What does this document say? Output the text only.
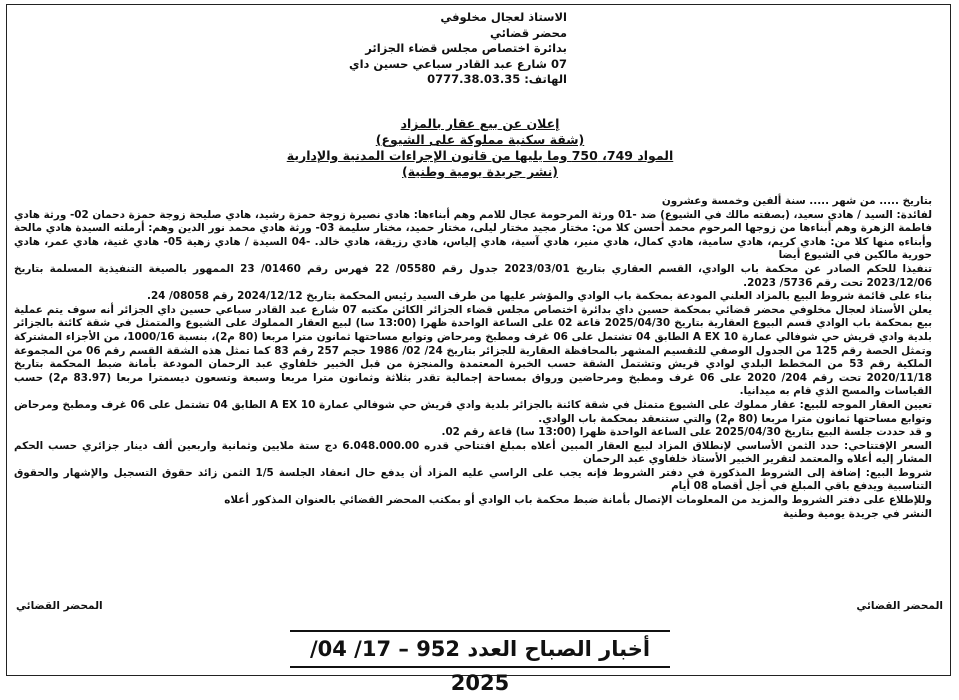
الاستاذ لعجال مخلوفي
محضر قضائي
بدائرة اختصاص مجلس قضاء الجزائر
07 شارع عبد القادر سباعي حسين داي
الهاتف: 0777.38.03.35
إعلان عن بيع عقار بالمزاد
(شقة سكنية مملوكة على الشيوع)
المواد 749، 750 وما يليها من قانون الإجراءات المدنية والإدارية
(نشر جريدة يومية وطنية)

بتاريخ ..... من شهر ..... سنة ألفين وخمسة وعشرون

لفائدة: السيد / هادي سعيد، (بصفته مالك في الشيوع) ضد -01 ورثة المرحومة عجال للامم وهم أبناءها: هادي نصيرة زوجة حمزة رشيد، هادي صليحة زوجة حمزة دحمان 02- ورثة هادي فاطمة الزهرة وهم أبناءها من زوجها المرحوم محمد أحسن كلا من: مختار مجيد مختار ليلى، مختار حميد، مختار سليمة 03- ورثة هادي محمد نور الدين وهم: أرملته السيدة هادي مالحة وأبناءه منها كلا من: هادي كريم، هادي سامية، هادي كمال، هادي منير، هادي آسية، هادي إلياس، هادي رزيقة، هادي خالد. -04 السيدة / هادي زهية 05- هادي غنية، هادي عمر، هادي حورية مالكين في الشيوع أيضا

تنفيذا للحكم الصادر عن محكمة باب الوادي، القسم العقاري بتاريخ 2023/03/01 جدول رقم 05580/ 22 فهرس رقم 01460/ 23 الممهور بالصيغة التنفيذية المسلمة بتاريخ 2023/12/06 تحت رقم 5736/ 2023.

بناء على قائمة شروط البيع بالمزاد العلني المودعة بمحكمة باب الوادي والمؤشر عليها من طرف السيد رئيس المحكمة بتاريخ 2024/12/12 رقم 08058/ 24.

يعلن الأستاذ لعجال مخلوفي محضر قضائي بمحكمة حسين داي بدائرة اختصاص مجلس قضاء الجزائر الكائن مكتبه 07 شارع عبد القادر سباعي حسين داي الجزائر أنه سوف يتم عملية بيع بمحكمة باب الوادي قسم البيوع العقارية بتاريخ 2025/04/30 قاعة 02 على الساعة الواحدة ظهرا (13:00 سا) لبيع العقار المملوك على الشيوع والمتمثل في شقة كائنة بالجزائر بلدية وادي قريش حي شوفالي عمارة A EX 10 الطابق 04 تشتمل على 06 غرف ومطبخ ومرحاض وتوابع مساحتها ثمانون مترا مربعا (80 م2)، بنسبة 1000/16، من الأجزاء المشتركة وتمثل الحصة رقم 125 من الجدول الوصفي للتقسيم المشهر بالمحافظة العقارية للجزائر بتاريخ 24/ 02/ 1986 حجم 257 رقم 83 كما تمثل هذه الشقة القسم رقم 06 من المجموعة الملكية رقم 53 من المخطط البلدي لوادي قريش وتشتمل الشقة حسب الخبرة المعتمدة والمنجزة من قبل الخبير خلفاوي عبد الرحمان المودعة بأمانة ضبط المحكمة بتاريخ 2020/11/18 تحت رقم 204/ 2020 على 06 غرف ومطبخ ومرحاضين ورواق بمساحة إجمالية تقدر بثلاثة وثمانون مترا مربعا وسبعة وتسعون ديسمترا مربعا (83.97 م2) حسب القياسات والمسح الذي قام به ميدانيا.

تعيين العقار الموجه للبيع: عقار مملوك على الشيوع متمثل في شقة كائنة بالجزائر بلدية وادي قريش حي شوفالي عمارة A EX 10 الطابق 04 تشتمل على 06 غرف ومطبخ ومرحاض وتوابع مساحتها ثمانون مترا مربعا (80 م2) والتي ستنعقد بمحكمة باب الوادي.

و قد حددت جلسة البيع بتاريخ 2025/04/30 على الساعة الواحدة ظهرا (13:00 سا) قاعة رقم 02.

السعر الإفتتاحي: حدد الثمن الأساسي لإنطلاق المزاد لبيع العقار المبين أعلاه بمبلغ افتتاحي قدره 6.048.000.00 دج ستة ملايين وثمانية واربعين ألف دينار جزائري حسب الحكم المشار إليه أعلاه والمعتمد لتقرير الخبير الأستاذ خلفاوي عبد الرحمان

شروط البيع: إضافة إلى الشروط المذكورة في دفتر الشروط فإنه يجب على الراسي عليه المزاد أن يدفع حال انعقاد الجلسة 1/5 الثمن زائد حقوق التسجيل والإشهار والحقوق التناسبية ويدفع باقي المبلغ في أجل أقصاه 08 أيام

وللإطلاع على دفتر الشروط والمزيد من المعلومات الإتصال بأمانة ضبط محكمة باب الوادي أو بمكتب المحضر القضائي بالعنوان المذكور أعلاه

النشر في جريدة يومية وطنية

المحضر القضائي
المحضر القضائي
أخبار الصباح العدد 952 – 17/ 04/ 2025
